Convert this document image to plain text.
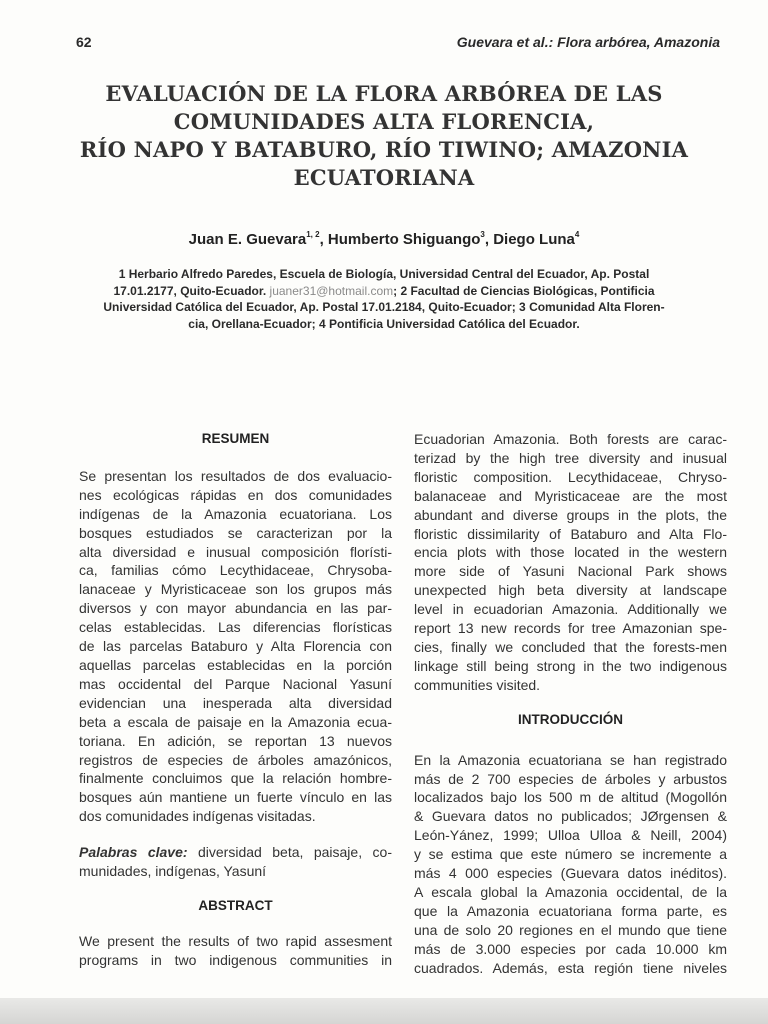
62	Guevara et al.: Flora arbórea, Amazonia
EVALUACIÓN DE LA FLORA ARBÓREA DE LAS
COMUNIDADES ALTA FLORENCIA,
RÍO NAPO Y BATABURO, RÍO TIWINO; AMAZONIA
ECUATORIANA
Juan E. Guevara$^{1, 2}$, Humberto Shiguango$^3$, Diego Luna$^4$
1 Herbario Alfredo Paredes, Escuela de Biología, Universidad Central del Ecuador, Ap. Postal
17.01.2177, Quito-Ecuador. juaner31@hotmail.com; 2 Facultad de Ciencias Biológicas, Pontificia
Universidad Católica del Ecuador, Ap. Postal 17.01.2184, Quito-Ecuador; 3 Comunidad Alta Floren-
cia, Orellana-Ecuador; 4 Pontificia Universidad Católica del Ecuador.
RESUMEN
Se presentan los resultados de dos evaluacio-
nes ecológicas rápidas en dos comunidades
indígenas de la Amazonia ecuatoriana. Los
bosques estudiados se caracterizan por la
alta diversidad e inusual composición florísti-
ca, familias cómo Lecythidaceae, Chrysoba-
lanaceae y Myristicaceae son los grupos más
diversos y con mayor abundancia en las par-
celas establecidas. Las diferencias florísticas
de las parcelas Bataburo y Alta Florencia con
aquellas parcelas establecidas en la porción
mas occidental del Parque Nacional Yasuní
evidencian una inesperada alta diversidad
beta a escala de paisaje en la Amazonia ecua-
toriana. En adición, se reportan 13 nuevos
registros de especies de árboles amazónicos,
finalmente concluimos que la relación hombre-
bosques aún mantiene un fuerte vínculo en las
dos comunidades indígenas visitadas.
Palabras clave: diversidad beta, paisaje, co-
munidades, indígenas, Yasuní
ABSTRACT
We present the results of two rapid assesment
programs in two indigenous communities in
Ecuadorian Amazonia. Both forests are carac-
terizad by the high tree diversity and inusual
floristic composition. Lecythidaceae, Chryso-
balanaceae and Myristicaceae are the most
abundant and diverse groups in the plots, the
floristic dissimilarity of Bataburo and Alta Flo-
encia plots with those located in the western
more side of Yasuni Nacional Park shows
unexpected high beta diversity at landscape
level in ecuadorian Amazonia. Additionally we
report 13 new records for tree Amazonian spe-
cies, finally we concluded that the forests-men
linkage still being strong in the two indigenous
communities visited.
INTRODUCCIÓN
En la Amazonia ecuatoriana se han registrado
más de 2 700 especies de árboles y arbustos
localizados bajo los 500 m de altitud (Mogollón
& Guevara datos no publicados; JØrgensen &
León-Yánez, 1999; Ulloa Ulloa & Neill, 2004)
y se estima que este número se incremente a
más 4 000 especies (Guevara datos inéditos).
A escala global la Amazonia occidental, de la
que la Amazonia ecuatoriana forma parte, es
una de solo 20 regiones en el mundo que tiene
más de 3.000 especies por cada 10.000 km
cuadrados. Además, esta región tiene niveles
